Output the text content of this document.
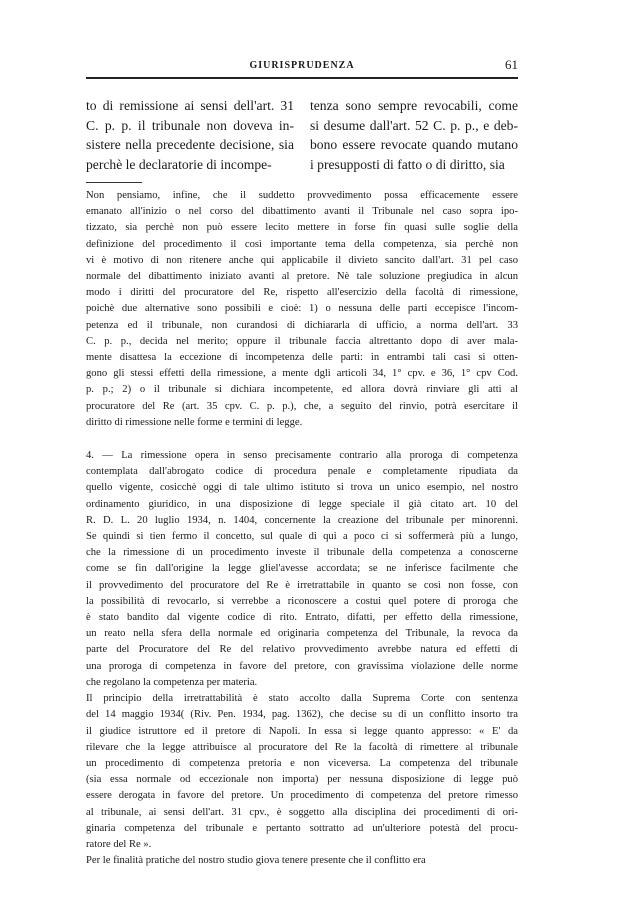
GIURISPRUDENZA	61
to di remissione ai sensi dell'art. 31
C. p. p. il tribunale non doveva in-
sistere nella precedente decisione, sia
perchè le declaratorie di incompe-
tenza sono sempre revocabili, come
si desume dall'art. 52 C. p. p., e deb-
bono essere revocate quando mutano
i presupposti di fatto o di diritto, sia
Non pensiamo, infine, che il suddetto provvedimento possa efficacemente essere
emanato all'inizio o nel corso del dibattimento avanti il Tribunale nel caso sopra ipo-
tizzato, sia perchè non può essere lecito mettere in forse fin quasi sulle soglie della
definizione del procedimento il così importante tema della competenza, sia perchè non
vi è motivo di non ritenere anche qui applicabile il divieto sancito dall'art. 31 pel caso
normale del dibattimento iniziato avanti al pretore. Nè tale soluzione pregiudica in alcun
modo i diritti del procuratore del Re, rispetto all'esercizio della facoltà di rimessione,
poichè due alternative sono possibili e cioè: 1) o nessuna delle parti eccepisce l'incom-
petenza ed il tribunale, non curandosi di dichiararla di ufficio, a norma dell'art. 33
C. p. p., decida nel merito; oppure il tribunale faccia altrettanto dopo di aver mala-
mente disattesa la eccezione di incompetenza delle parti: in entrambi tali casi si otten-
gono gli stessi effetti della rimessione, a mente dgli articoli 34, 1° cpv. e 36, 1° cpv Cod.
p. p.; 2) o il tribunale si dichiara incompetente, ed allora dovrà rinviare gli atti al
procuratore del Re (art. 35 cpv. C. p. p.), che, a seguito del rinvio, potrà esercitare il
diritto di rimessione nelle forme e termini di legge.
4. — La rimessione opera in senso precisamente contrario alla proroga di competenza
contemplata dall'abrogato codice di procedura penale e completamente ripudiata da
quello vigente, cosicchè oggi di tale ultimo istituto si trova un unico esempio, nel nostro
ordinamento giuridico, in una disposizione di legge speciale il già citato art. 10 del
R. D. L. 20 luglio 1934, n. 1404, concernente la creazione del tribunale per minorenni.
Se quindi si tien fermo il concetto, sul quale di qui a poco ci si soffermerà più a lungo,
che la rimessione di un procedimento investe il tribunale della competenza a conoscerne
come se fin dall'origine la legge gliel'avesse accordata; se ne inferisce facilmente che
il provvedimento del procuratore del Re è irretrattabile in quanto se così non fosse, con
la possibilità di revocarlo, si verrebbe a riconoscere a costui quel potere di proroga che
è stato bandito dal vigente codice di rito. Entrato, difatti, per effetto della rimessione,
un reato nella sfera della normale ed originaria competenza del Tribunale, la revoca da
parte del Procuratore del Re del relativo provvedimento avrebbe natura ed effetti di
una proroga di competenza in favore del pretore, con gravissima violazione delle norme
che regolano la competenza per materia.
Il principio della irretrattabilità è stato accolto dalla Suprema Corte con sentenza
del 14 maggio 1934( (Riv. Pen. 1934, pag. 1362), che decise su di un conflitto insorto tra
il giudice istruttore ed il pretore di Napoli. In essa si legge quanto appresso: « E' da
rilevare che la legge attribuisce al procuratore del Re la facoltà di rimettere al tribunale
un procedimento di competenza pretoria e non viceversa. La competenza del tribunale
(sia essa normale od eccezionale non importa) per nessuna disposizione di legge può
essere derogata in favore del pretore. Un procedimento di competenza del pretore rimesso
al tribunale, ai sensi dell'art. 31 cpv., è soggetto alla disciplina dei procedimenti di ori-
ginaria competenza del tribunale e pertanto sottratto ad un'ulteriore potestà del procu-
ratore del Re ».
Per le finalità pratiche del nostro studio giova tenere presente che il conflitto era
